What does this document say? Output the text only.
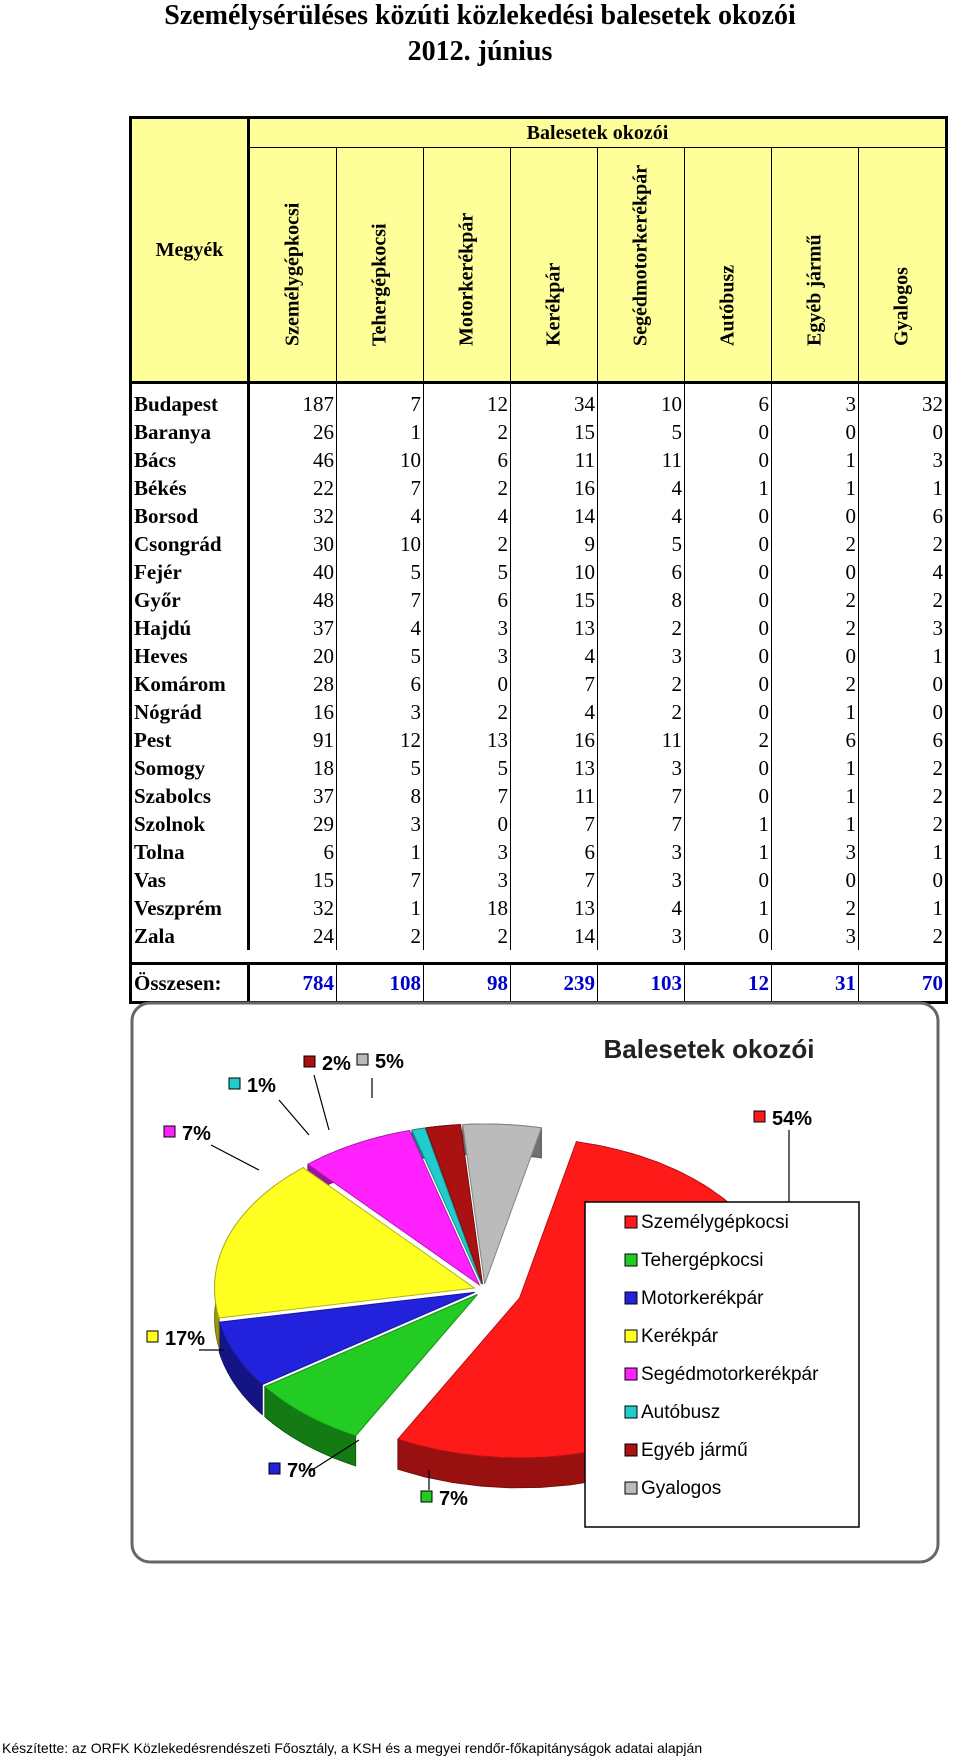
Személysérüléses közúti közlekedési balesetek okozói
2012. június
Megyék	Balesetek okozói							

	Személygépkocsi	Tehergépkocsi	Motorkerékpár	Kerékpár	Segédmotorkerékpár	Autóbusz	Egyéb jármű	Gyalogos

Budapest	187	7	12	34	10	6	3	32
Baranya	26	1	2	15	5	0	0	0
Bács	46	10	6	11	11	0	1	3
Békés	22	7	2	16	4	1	1	1
Borsod	32	4	4	14	4	0	0	6
Csongrád	30	10	2	9	5	0	2	2
Fejér	40	5	5	10	6	0	0	4
Győr	48	7	6	15	8	0	2	2
Hajdú	37	4	3	13	2	0	2	3
Heves	20	5	3	4	3	0	0	1
Komárom	28	6	0	7	2	0	2	0
Nógrád	16	3	2	4	2	0	1	0
Pest	91	12	13	16	11	2	6	6
Somogy	18	5	5	13	3	0	1	2
Szabolcs	37	8	7	11	7	0	1	2
Szolnok	29	3	0	7	7	1	1	2
Tolna	6	1	3	6	3	1	3	1
Vas	15	7	3	7	3	0	0	0
Veszprém	32	1	18	13	4	1	2	1
Zala	24	2	2	14	3	0	3	2

Összesen:	784	108	98	239	103	12	31	70
Balesetek okozói
54%
7%
7%
17%
7%
1%
2% 5%
Személygépkocsi
Tehergépkocsi
Motorkerékpár
Kerékpár
Segédmotorkerékpár
Autóbusz
Egyéb jármű
Gyalogos
Készítette: az ORFK Közlekedésrendészeti Főosztály, a KSH és a megyei rendőr-főkapitányságok adatai alapján
